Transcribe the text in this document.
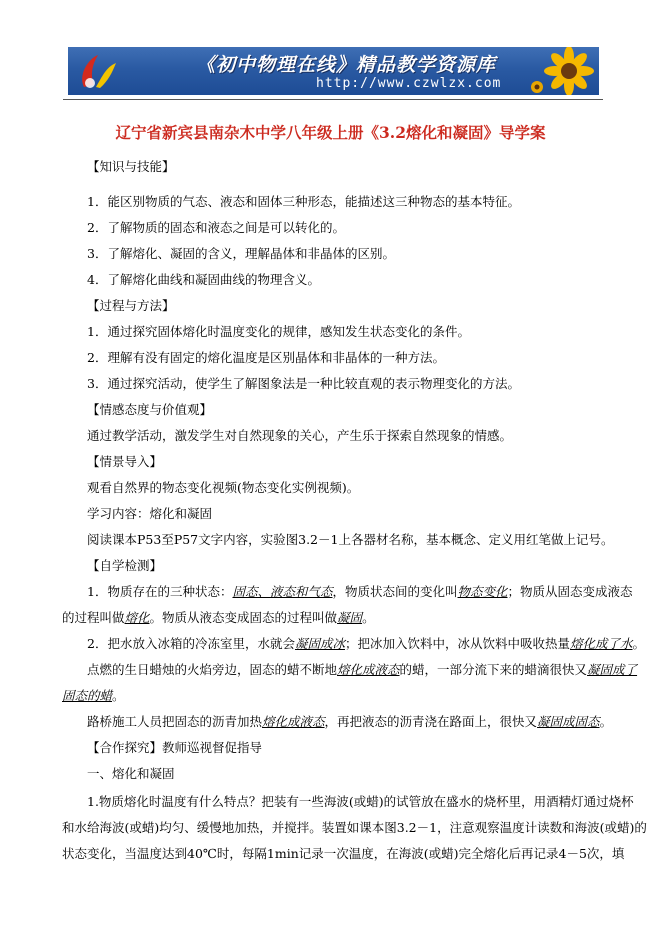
《初中物理在线》精品教学资源库
http://www.czwlzx.com
辽宁省新宾县南杂木中学八年级上册《3.2熔化和凝固》导学案
【知识与技能】
1．能区别物质的气态、液态和固体三种形态，能描述这三种物态的基本特征。
2．了解物质的固态和液态之间是可以转化的。
3．了解熔化、凝固的含义，理解晶体和非晶体的区别。
4．了解熔化曲线和凝固曲线的物理含义。
【过程与方法】
1．通过探究固体熔化时温度变化的规律，感知发生状态变化的条件。
2．理解有没有固定的熔化温度是区别晶体和非晶体的一种方法。
3．通过探究活动，使学生了解图象法是一种比较直观的表示物理变化的方法。
【情感态度与价值观】
通过教学活动，激发学生对自然现象的关心，产生乐于探索自然现象的情感。
【情景导入】
观看自然界的物态变化视频(物态变化实例视频)。
学习内容：熔化和凝固
阅读课本P53至P57文字内容，实验图3.2－1上各器材名称，基本概念、定义用红笔做上记号。
【自学检测】
1．物质存在的三种状态：固态、液态和气态，物质状态间的变化叫物态变化；物质从固态变成液态
的过程叫做熔化。物质从液态变成固态的过程叫做凝固。
2．把水放入冰箱的冷冻室里，水就会凝固成冰；把冰加入饮料中，冰从饮料中吸收热量熔化成了水。
点燃的生日蜡烛的火焰旁边，固态的蜡不断地熔化成液态的蜡，一部分流下来的蜡滴很快又凝固成了
固态的蜡。
路桥施工人员把固态的沥青加热熔化成液态，再把液态的沥青浇在路面上，很快又凝固成固态。
【合作探究】教师巡视督促指导
一、熔化和凝固
1.物质熔化时温度有什么特点？把装有一些海波(或蜡)的试管放在盛水的烧杯里，用酒精灯通过烧杯
和水给海波(或蜡)均匀、缓慢地加热，并搅拌。装置如课本图3.2－1，注意观察温度计读数和海波(或蜡)的
状态变化，当温度达到40℃时，每隔1min记录一次温度，在海波(或蜡)完全熔化后再记录4－5次，填
